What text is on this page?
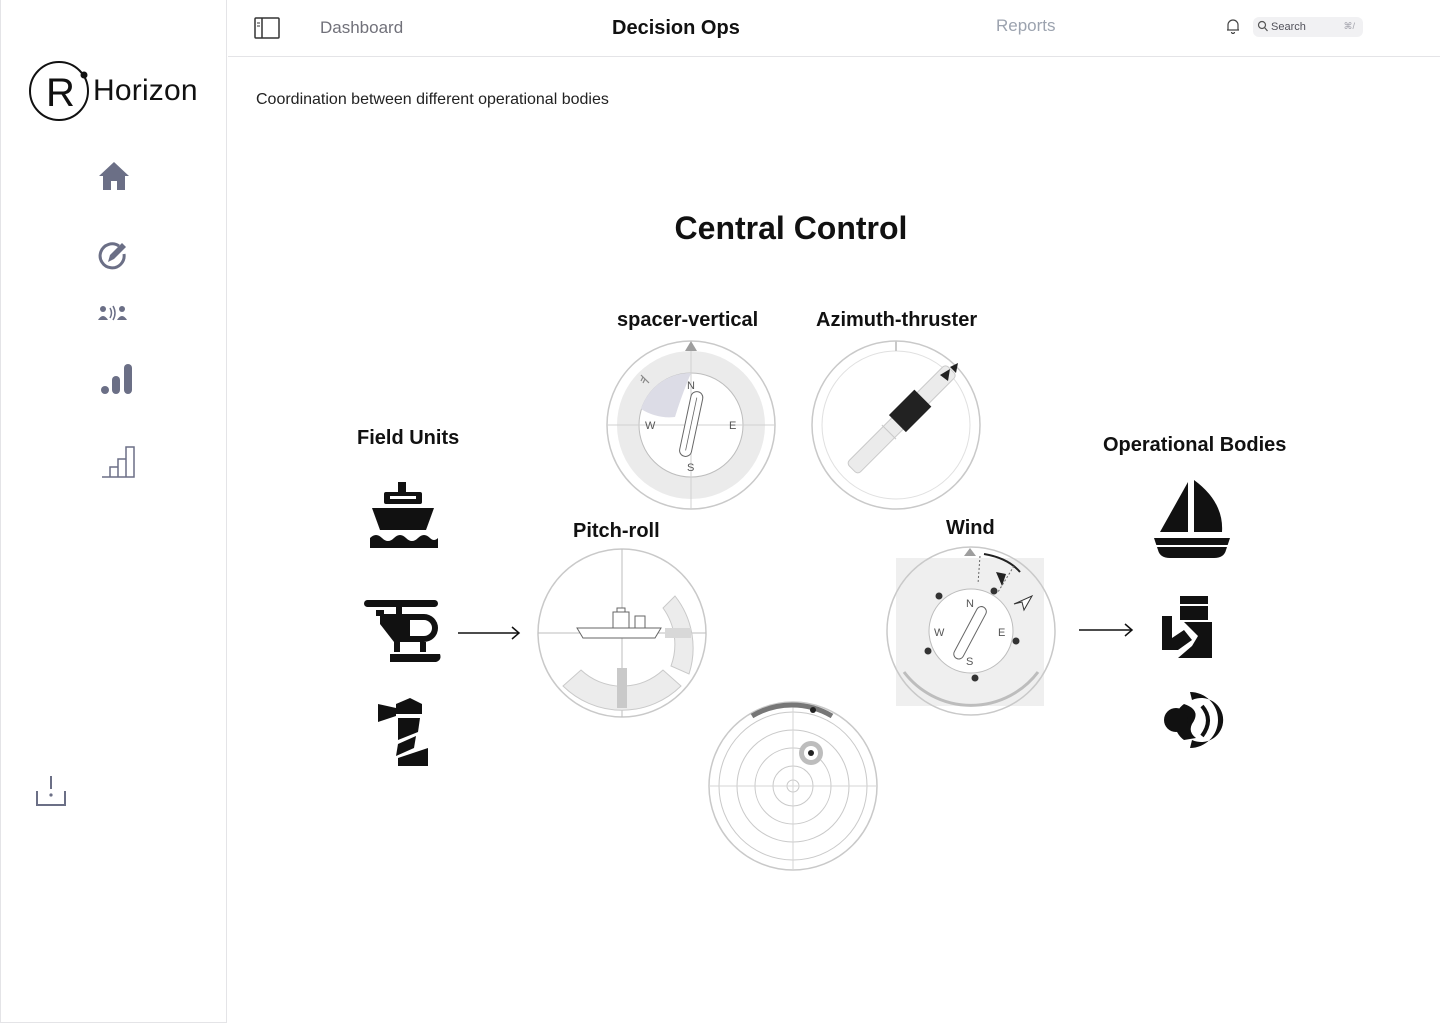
R Horizon
Dashboard	Decision Ops	Reports	Search	⌘/
Coordination between different operational bodies
Central Control
Field Units
spacer-vertical	Azimuth-thruster
Pitch-roll	Wind
Operational Bodies
N
E
S
W
N
E
S
W
